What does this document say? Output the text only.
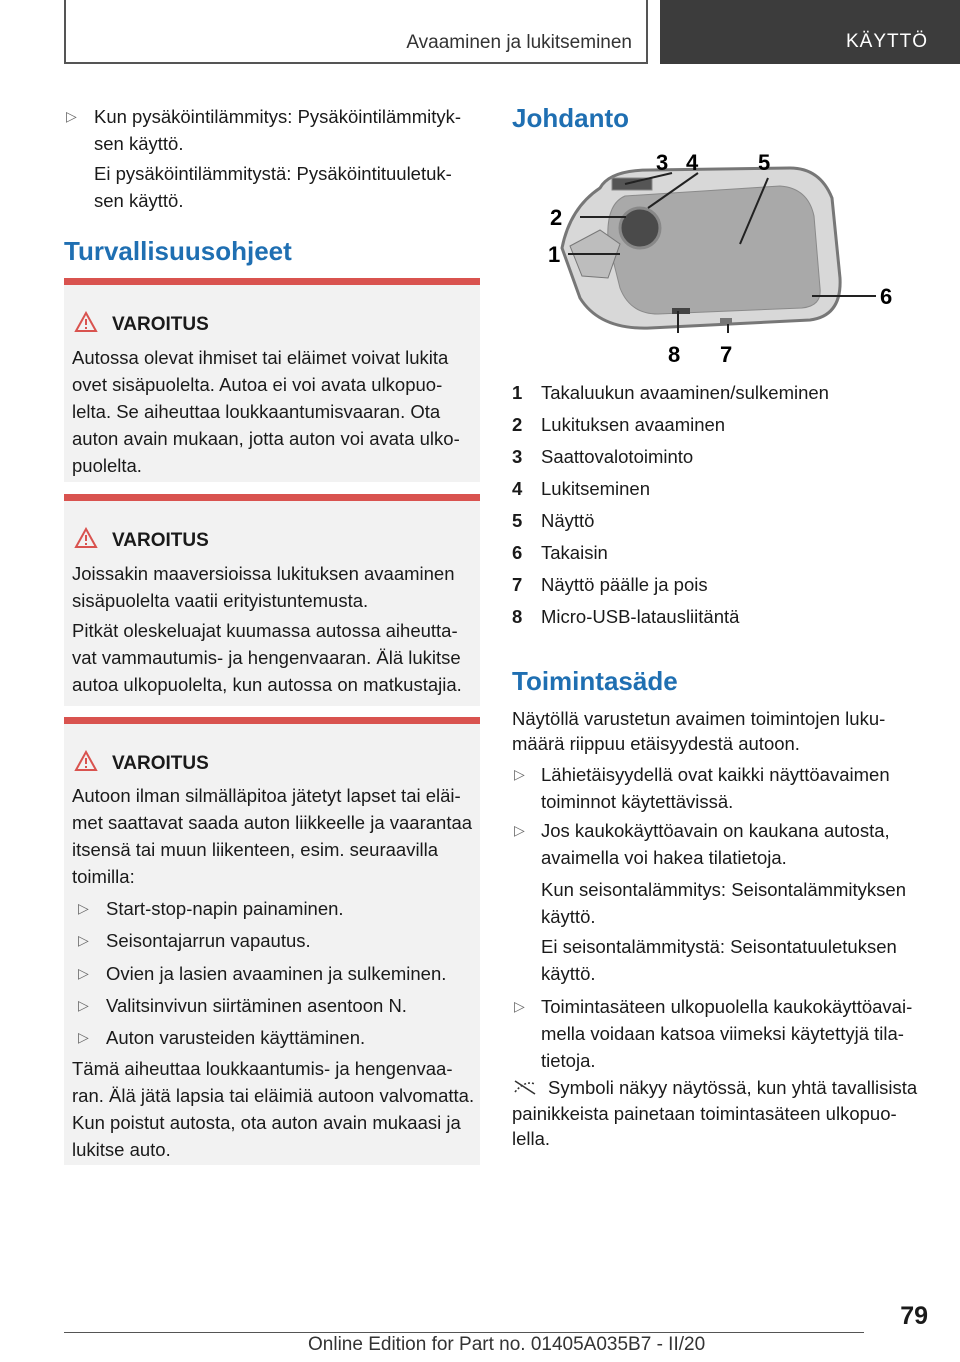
Avaaminen ja lukitseminen	KÄYTTÖ
▷ Kun pysäköintilämmitys: Pysäköintilämmityk-
sen käyttö.
Ei pysäköintilämmitystä: Pysäköintituuletuk-
sen käyttö.
Turvallisuusohjeet
VAROITUS
Autossa olevat ihmiset tai eläimet voivat lukita
ovet sisäpuolelta. Autoa ei voi avata ulkopuo-
lelta. Se aiheuttaa loukkaantumisvaaran. Ota
auton avain mukaan, jotta auton voi avata ulko-
puolelta.
VAROITUS
Joissakin maaversioissa lukituksen avaaminen
sisäpuolelta vaatii erityistuntemusta.
Pitkät oleskeluajat kuumassa autossa aiheutta-
vat vammautumis- ja hengenvaaran. Älä lukitse
autoa ulkopuolelta, kun autossa on matkustajia.
VAROITUS
Autoon ilman silmälläpitoa jätetyt lapset tai eläi-
met saattavat saada auton liikkeelle ja vaarantaa
itsensä tai muun liikenteen, esim. seuraavilla
toimilla:
▷ Start-stop-napin painaminen.
▷ Seisontajarrun vapautus.
▷ Ovien ja lasien avaaminen ja sulkeminen.
▷ Valitsinvivun siirtäminen asentoon N.
▷ Auton varusteiden käyttäminen.
Tämä aiheuttaa loukkaantumis- ja hengenvaa-
ran. Älä jätä lapsia tai eläimiä autoon valvomatta.
Kun poistut autosta, ota auton avain mukaasi ja
lukitse auto.
Johdanto
3 4	5
2
1
6
8 7
1 Takaluukun avaaminen/sulkeminen
2 Lukituksen avaaminen
3 Saattovalotoiminto
4 Lukitseminen
5 Näyttö
6 Takaisin
7 Näyttö päälle ja pois
8 Micro-USB-latausliitäntä
Toimintasäde
Näytöllä varustetun avaimen toimintojen luku-
määrä riippuu etäisyydestä autoon.
▷ Lähietäisyydellä ovat kaikki näyttöavaimen
toiminnot käytettävissä.
▷ Jos kaukokäyttöavain on kaukana autosta,
avaimella voi hakea tilatietoja.
Kun seisontalämmitys: Seisontalämmityksen
käyttö.
Ei seisontalämmitystä: Seisontatuuletuksen
käyttö.
▷ Toimintasäteen ulkopuolella kaukokäyttöavai-
mella voidaan katsoa viimeksi käytettyjä tila-
tietoja.
Symboli näkyy näytössä, kun yhtä tavallisista
painikkeista painetaan toimintasäteen ulkopuo-
lella.
79
Online Edition for Part no. 01405A035B7 - II/20
